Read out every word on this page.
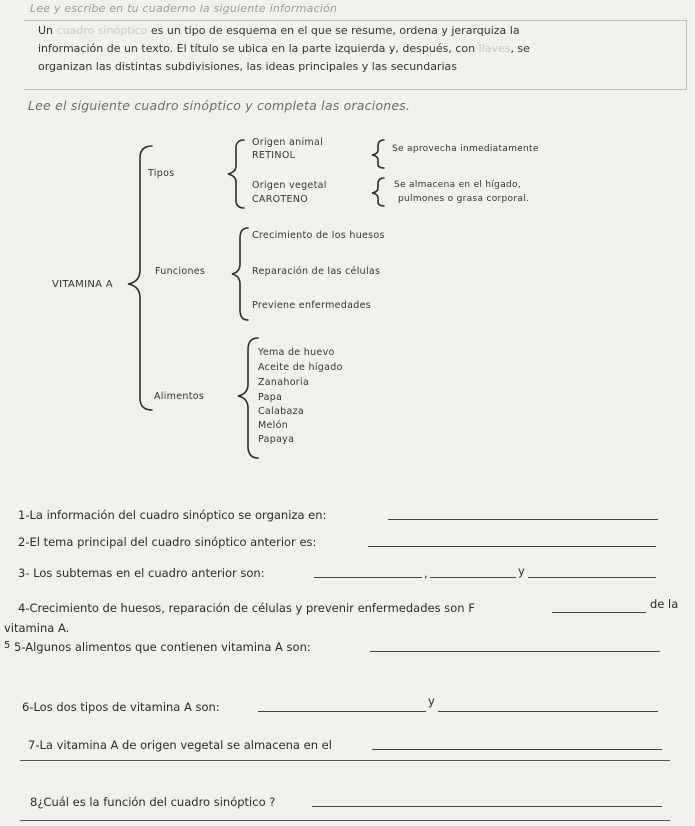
Lee y escribe en tu cuaderno la siguiente información
Un cuadro sinóptico es un tipo de esquema en el que se resume, ordena y jerarquiza la
información de un texto. El título se ubica en la parte izquierda y, después, con llaves, se
organizan las distintas subdivisiones, las ideas principales y las secundarias
Lee el siguiente cuadro sinóptico y completa las oraciones.
VITAMINA A
Tipos
Origen animal
RETINOL
Se aprovecha inmediatamente
Origen vegetal
CAROTENO
Se almacena en el hígado,
pulmones o grasa corporal.
Funciones
Crecimiento de los huesos
Reparación de las células
Previene enfermedades
Alimentos
Yema de huevo
Aceite de hígado
Zanahoria
Papa
Calabaza
Melón
Papaya
1-La información del cuadro sinóptico se organiza en:
2-El tema principal del cuadro sinóptico anterior es:
3- Los subtemas en el cuadro anterior son:	,	y
4-Crecimiento de huesos, reparación de células y prevenir enfermedades son F	de la
vitamina A.
5 5-Algunos alimentos que contienen vitamina A son:
6-Los dos tipos de vitamina A son:	y
7-La vitamina A de origen vegetal se almacena en el
8¿Cuál es la función del cuadro sinóptico ?
